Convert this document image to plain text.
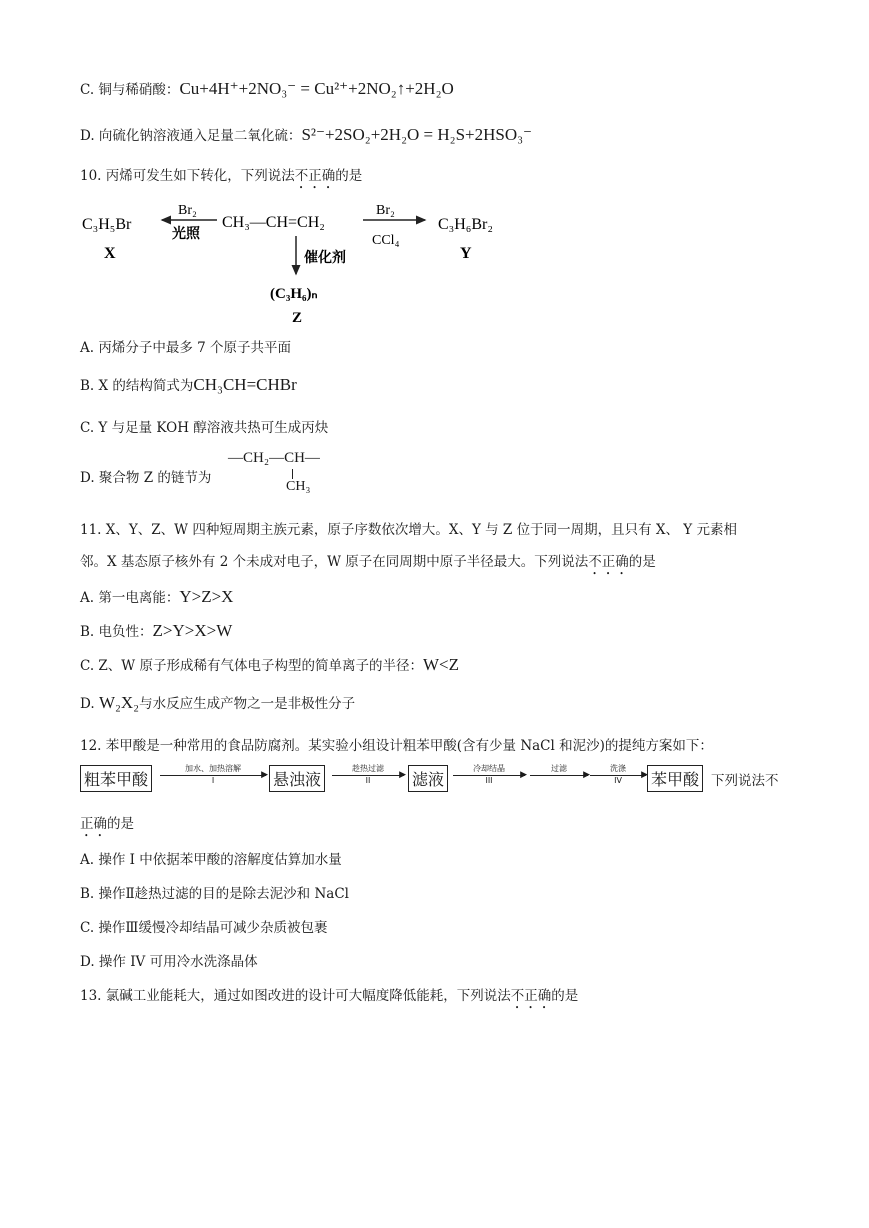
C. 铜与稀硝酸：Cu+4H⁺+2NO₃⁻ = Cu²⁺+2NO₂↑+2H₂O
D. 向硫化钠溶液通入足量二氧化硫：S²⁻+2SO₂+2H₂O = H₂S+2HSO₃⁻
10. 丙烯可发生如下转化，下列说法不正确的是
C₃H₅Br
X
Br₂
光照
CH₃—CH=CH₂
Br₂
CCl₄
C₃H₆Br₂
Y
催化剂
(C₃H₆)ₙ
Z
A. 丙烯分子中最多 7 个原子共平面
B. X 的结构简式为CH₃CH=CHBr
C. Y 与足量 KOH 醇溶液共热可生成丙炔
D. 聚合物 Z 的链节为
—CH₂—CH—
CH₃
11. X、Y、Z、W 四种短周期主族元素，原子序数依次增大。X、Y 与 Z 位于同一周期，且只有 X、 Y 元素相
邻。X 基态原子核外有 2 个未成对电子，W 原子在同周期中原子半径最大。下列说法不正确的是
A. 第一电离能：Y>Z>X
B. 电负性：Z>Y>X>W
C. Z、W 原子形成稀有气体电子构型的简单离子的半径：W<Z
D. W₂X₂与水反应生成产物之一是非极性分子
12. 苯甲酸是一种常用的食品防腐剂。某实验小组设计粗苯甲酸(含有少量 NaCl 和泥沙)的提纯方案如下：
粗苯甲酸
加水、加热溶解
▶
I	悬浊液
趁热过滤
▶
II	滤液
冷却结晶
▶
III
过滤
▶
洗涤
▶
IV	苯甲酸 下列说法不
正确的是
A. 操作 I 中依据苯甲酸的溶解度估算加水量
B. 操作Ⅱ趁热过滤的目的是除去泥沙和 NaCl
C. 操作Ⅲ缓慢冷却结晶可减少杂质被包裹
D. 操作 IV 可用冷水洗涤晶体
13. 氯碱工业能耗大，通过如图改进的设计可大幅度降低能耗，下列说法不正确的是
